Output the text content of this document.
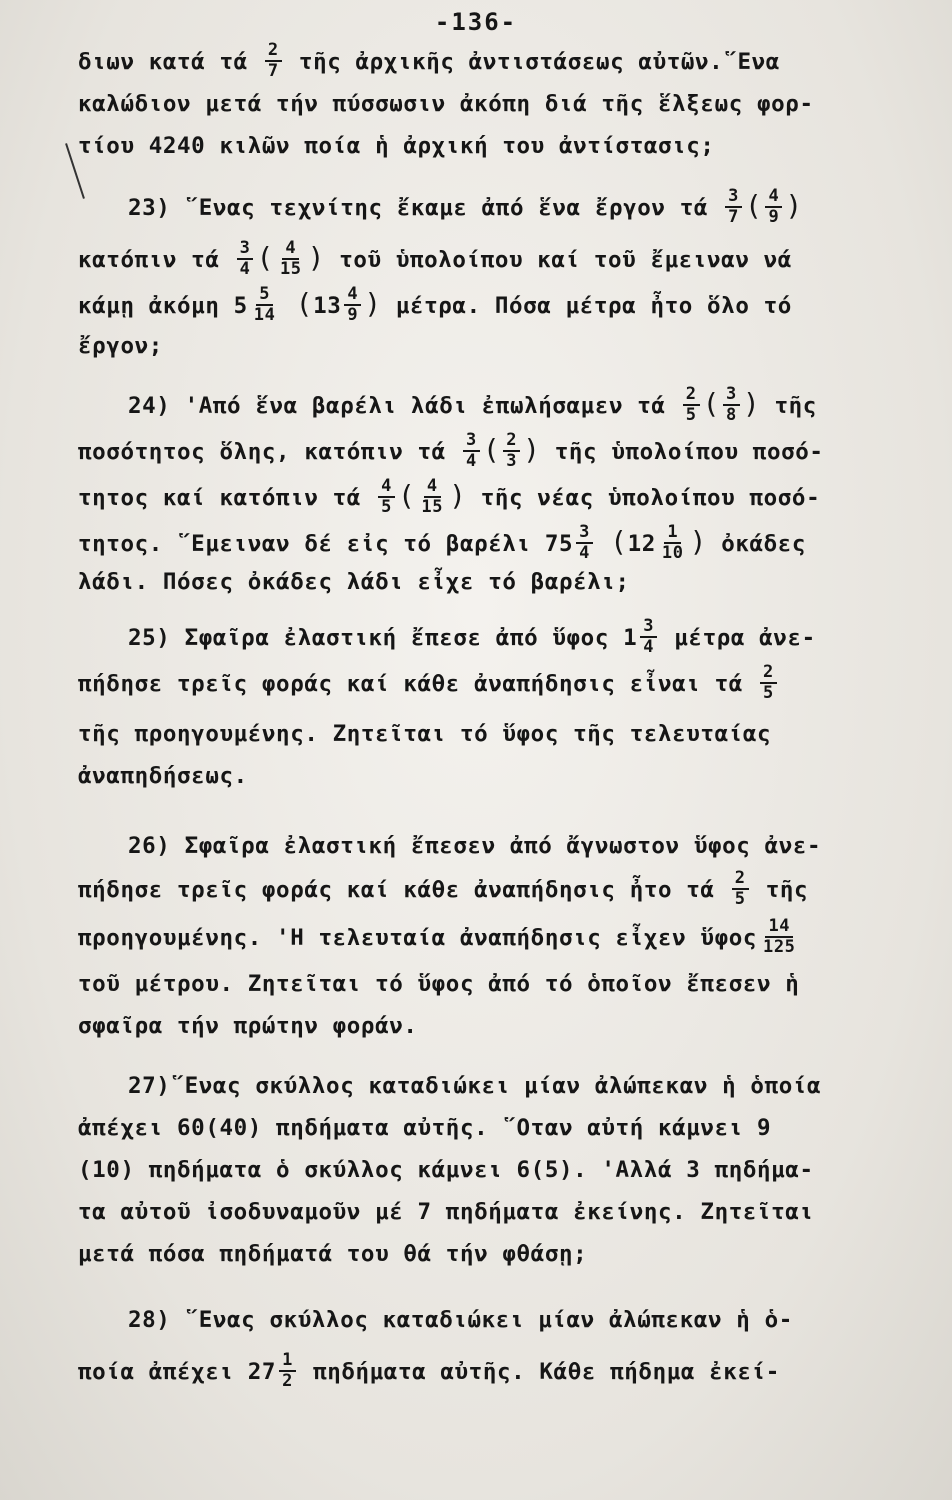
-136-
διων κατά τά $\frac{2}{7}$ τῆς ἀρχικῆς ἀντιστάσεως αὐτῶν.῞Ενα
καλώδιον μετά τήν πύσσωσιν ἀκόπη διά τῆς ἕλξεως φορ-
τίου 4240 κιλῶν ποία ἡ ἀρχική του ἀντίστασις;
23) ῞Ενας τεχνίτης ἔκαμε ἀπό ἕνα ἔργον τά $\frac{3}{7}$ ( $\frac{4}{9}$ )
κατόπιν τά $\frac{3}{4}$ ( $\frac{4}{15}$ ) τοῦ ὑπολοίπου καί τοῦ ἔμειναν νά
κάμῃ ἀκόμη $5 \frac{5}{14} (13 \frac{4}{9}$ ) μέτρα. Πόσα μέτρα ἦτο ὅλο τό
ἔργον;
24) 'Από ἕνα βαρέλι λάδι ἐπωλήσαμεν τά $\frac{2}{5}$ ( $\frac{3}{8}$ ) τῆς
ποσότητος ὅλης, κατόπιν τά $\frac{3}{4}$ ( $\frac{2}{3}$ ) τῆς ὑπολοίπου ποσό-
τητος καί κατόπιν τά $\frac{4}{5}$ ( $\frac{4}{15}$ ) τῆς νέας ὑπολοίπου ποσό-
τητος. ῞Εμειναν δέ εἰς τό βαρέλι $75 \frac{3}{4} (12 \frac{1}{10}$ ) ὀκάδες
λάδι. Πόσες ὀκάδες λάδι εἶχε τό βαρέλι;
25) Σφαῖρα ἐλαστική ἔπεσε ἀπό ὕφος $1 \frac{3}{4}$ μέτρα ἀνε-
πήδησε τρεῖς φοράς καί κάθε ἀναπήδησις εἶναι τά $\frac{2}{5}$
τῆς προηγουμένης. Ζητεῖται τό ὕφος τῆς τελευταίας
ἀναπηδήσεως.
26) Σφαῖρα ἐλαστική ἔπεσεν ἀπό ἄγνωστον ὕφος ἀνε-
πήδησε τρεῖς φοράς καί κάθε ἀναπήδησις ἦτο τά $\frac{2}{5}$ τῆς
προηγουμένης. 'Η τελευταία ἀναπήδησις εἶχεν ὕφος $\frac{14}{125}$
τοῦ μέτρου. Ζητεῖται τό ὕφος ἀπό τό ὁποῖον ἔπεσεν ἡ
σφαῖρα τήν πρώτην φοράν.
27)῞Ενας σκύλλος καταδιώκει μίαν ἀλώπεκαν ἡ ὁποία
ἀπέχει 60(40) πηδήματα αὐτῆς. ῞Οταν αὐτή κάμνει 9
(10) πηδήματα ὁ σκύλλος κάμνει 6(5). 'Αλλά 3 πηδήμα-
τα αὐτοῦ ἰσοδυναμοῦν μέ 7 πηδήματα ἐκείνης. Ζητεῖται
μετά πόσα πηδήματά του θά τήν φθάσῃ;
28) ῞Ενας σκύλλος καταδιώκει μίαν ἀλώπεκαν ἡ ὁ-
ποία ἀπέχει $27 \frac{1}{2}$ πηδήματα αὐτῆς. Κάθε πήδημα ἐκεί-
